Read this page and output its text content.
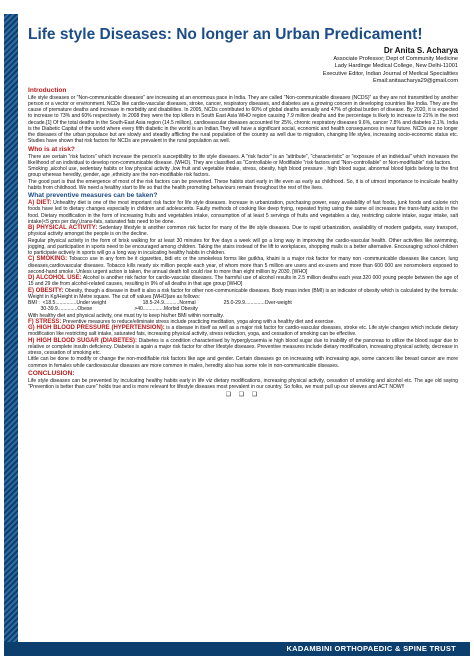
Life style Diseases: No longer an Urban Predicament!
Dr Anita S. Acharya
Associate Professor; Dept of Community Medicine
Lady Hardinge Medical College, New Delhi-11001
Executive Editor, Indian Journal of Medical Specialities
Email:anitaacharya29@gmail.com
Introduction

Life style diseases or "Non-communicable diseases" are increasing at an enormous pace in India. They are called "Non-communicable diseases (NCDS)" as they are not transmitted by another person or a vector or environment. NCDs like cardio-vascular diseases, stroke, cancer, respiratory diseases, and diabetes are a growing concern in developing countries like India. They are the cause of premature deaths and increase in morbidity and disabilities. In 2005, NCDs contributed to 60% of global deaths annually and 47% of global burden of disease. By 2020, it is expected to increase to 73% and 60% respectively. In 2008 they were the top killers in South East Asia WHO region causing 7.9 million deaths and the percentage is likely to increase to 21% in the next decade.[1] Of the total deaths in the South-East Asia region (14.5 million), cardiovascular diseases accounted for 25%, chronic respiratory diseases 9.6%, cancer 7.8% and diabetes 2.1%. India is the Diabetic Capital of the world where every fifth diabetic in the world is an Indian.They will have a significant social, economic and health consequences in near future. NCDs are no longer the diseases of the urban populace but are slowly and steadily afflicting the rural population of the country as well due to migration, changing life styles, increasing socio-economic status etc. Studies have shown that risk factors for NCDs are prevalent in the rural population as well.

Who is at risk?

There are certain "risk factors" which increase the person's susceptibility to life style diseases. A "risk factor" is an "attribute", "characteristic" or "exposure of an individual" which increases the likelihood of an individual to develop non-communicable disease. (WHO). They are classified as "Controllable or Modifiable "risk factors and "Non-controllable" or Non-modifiable" risk factors.

Smoking ,alcohol use, sedentary habits or low physical activity ,low fruit and vegetable intake, stress, obesity, high blood pressure , high blood sugar, abnormal blood lipids belong to the first group whereas heredity, gender, age ,ethnicity are the non-modifiable risk factors.

The good part is that the emergence of most of the risk factors can be prevented. These habits start early in life even as early as childhood. So, it is of utmost importance to inculcate healthy habits from childhood. We need a healthy start to life so that the health promoting behaviours remain throughout the rest of the lives.

What preventive measures can be taken?

A) DIET: Unhealthy diet is one of the most important risk factor for life style diseases. Increase in urbanization, purchasing power, easy availability of fast foods, junk foods and calorie rich foods have led to dietary changes especially in children and adolescents. Faulty methods of cooking like deep frying, repeated frying using the same oil increases the trans-fatty acids in the food. Dietary modification in the form of increasing fruits and vegetables intake, consumption of at least 5 servings of fruits and vegetables a day, restricting calorie intake, sugar intake, salt intake(<5 gms per day),trans-fats, saturated fats need to be done.

B) PHYSICAL ACTIVITY: Sedentary lifestyle is another common risk factor for many of the life style diseases. Due to rapid urbanization, availability of modern gadgets, easy transport, physical activity amongst the people is on the decline.

Regular physical activity in the form of brisk walking for at least 30 minutes for five days a week will go a long way in improving the cardio-vascular health. Other activities like swimming, jogging, and participation in sports need to be encouraged among children. Taking the stairs instead of the lift to workplaces, shopping malls is a better alternative. Encouraging school children to participate actively in sports will go a long way in inculcating healthy habits in children.

C) SMOKING: Tobacco use in any form be it cigarettes, bidi etc or the smokeless forms like gutkha, khaini is a major risk factor for many non -communicable diseases like cancer, lung diseases,cardiovascular diseases. Tobacco kills nearly six million people each year, of whom more than 5 million are users and ex-users and more than 600 000 are nonsmokers exposed to second-hand smoke. Unless urgent action is taken, the annual death toll could rise to more than eight million by 2030. [WHO]

D) ALCOHOL USE: Alcohol is another risk factor for cardio-vascular diseases. The harmful use of alcohol results in 2.5 million deaths each year.320 000 young people between the age of 15 and 29 die from alcohol-related causes, resulting in 9% of all deaths in that age group [WHO]

E) OBESITY: Obesity, though a disease in itself is also a risk factor for other non-communicable diseases. Body mass index (BMI) is an indicator of obesity which is calculated by the formula: Weight in Kg/Height in Metre square. The cut off values [WHO]are as follows:

BMI :  <18.5...............Under weight                          18.5-24.9...........Normal                    25.0-29.9..............Over-weight
30-39.9..............Obese                              >40...............Morbid Obesity

With healthy diet and physical activity, one must try to keep his/her BMI within normality.

F) STRESS: Preventive measures to reduce/eliminate stress include practicing meditation, yoga along with a healthy diet and exercise.

G) HIGH BLOOD PRESSURE (HYPERTENSION): is a disease in itself as well as a major risk factor for cardio-vascular diseases, stroke etc. Life style changes which include dietary modification like restricting salt intake, saturated fats, increasing physical activity, stress reduction, yoga, and cessation of smoking can be effective.

H) HIGH BLOOD SUGAR (DIABETES): Diabetes is a condition characterised by hyperglycaemia ie high blood sugar due to inability of the pancreas to utilize the blood sugar due to relative or complete insulin deficiency. Diabetes is again a major risk factor for other lifestyle diseases. Preventive measures include dietary modification, increasing physical activity, decrease in stress, cessation of smoking etc.

Little can be done to modify or change the non-modifiable risk factors like age and gender. Certain diseases go on increasing with increasing age, some cancers like breast cancer are more common in females while cardiovascular diseases are more common in males, heredity also has some role in non-communicable diseases.

CONCLUSION:

Life style diseases can be prevented by inculcating healthy habits early in life viz dietary modifications, increasing physical activity, cessation of smoking and alcohol etc. The age old saying "Prevention is better than cure" holds true and is more relevant for lifestyle diseases most prevalent in our country. So folks, we must pull up our sleeves and ACT NOW!!

❑ ❑ ❑
KADAMBINI ORTHOPAEDIC & SPINE TRUST
